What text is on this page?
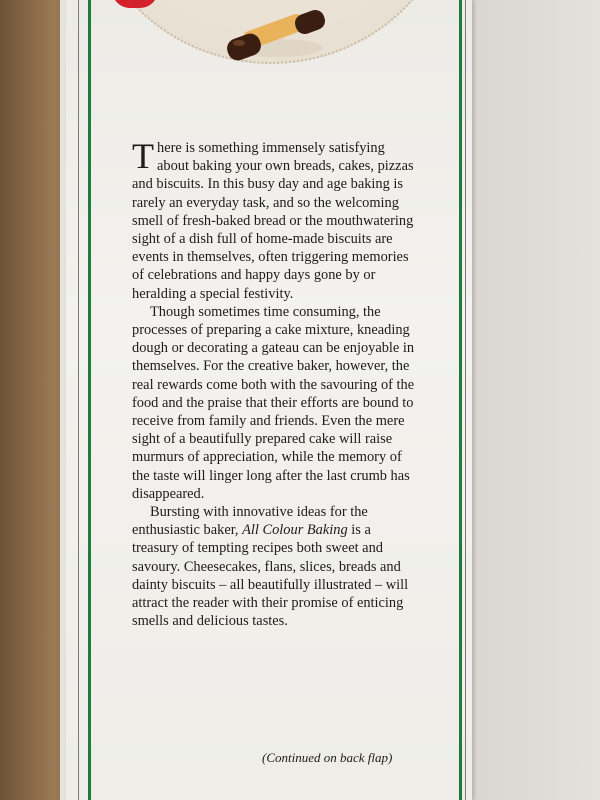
There is something immensely satisfying about baking your own breads, cakes, pizzas and biscuits. In this busy day and age baking is rarely an everyday task, and so the welcoming smell of fresh-baked bread or the mouthwatering sight of a dish full of home-made biscuits are events in themselves, often triggering memories of celebrations and happy days gone by or heralding a special festivity.

Though sometimes time consuming, the processes of preparing a cake mixture, kneading dough or decorating a gateau can be enjoyable in themselves. For the creative baker, however, the real rewards come both with the savouring of the food and the praise that their efforts are bound to receive from family and friends. Even the mere sight of a beautifully prepared cake will raise murmurs of appreciation, while the memory of the taste will linger long after the last crumb has disappeared.

Bursting with innovative ideas for the enthusiastic baker, All Colour Baking is a treasury of tempting recipes both sweet and savoury. Cheesecakes, flans, slices, breads and dainty biscuits – all beautifully illustrated – will attract the reader with their promise of enticing smells and delicious tastes.

(Continued on back flap)
